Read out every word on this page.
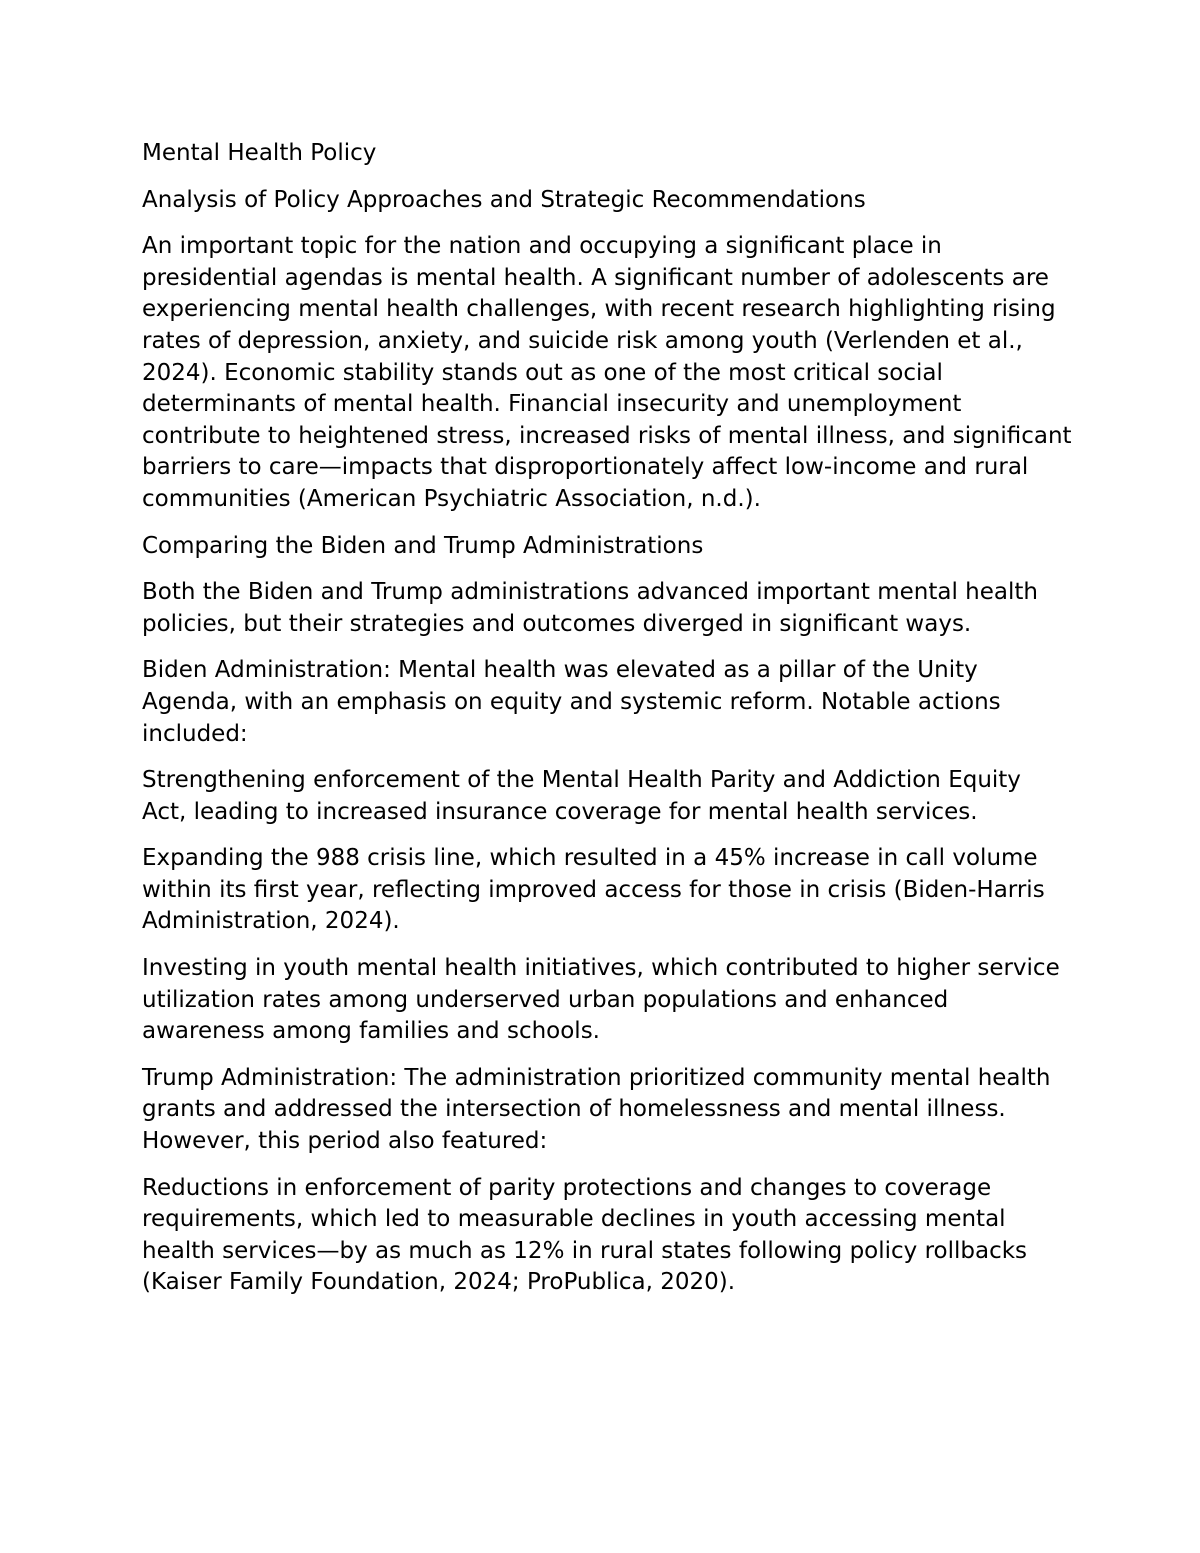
Mental Health Policy

Analysis of Policy Approaches and Strategic Recommendations

An important topic for the nation and occupying a significant place in presidential agendas is mental health. A significant number of adolescents are experiencing mental health challenges, with recent research highlighting rising rates of depression, anxiety, and suicide risk among youth (Verlenden et al., 2024). Economic stability stands out as one of the most critical social determinants of mental health. Financial insecurity and unemployment contribute to heightened stress, increased risks of mental illness, and significant barriers to care—impacts that disproportionately affect low-income and rural communities (American Psychiatric Association, n.d.).

Comparing the Biden and Trump Administrations

Both the Biden and Trump administrations advanced important mental health policies, but their strategies and outcomes diverged in significant ways.

Biden Administration: Mental health was elevated as a pillar of the Unity Agenda, with an emphasis on equity and systemic reform. Notable actions included:

Strengthening enforcement of the Mental Health Parity and Addiction Equity Act, leading to increased insurance coverage for mental health services.

Expanding the 988 crisis line, which resulted in a 45% increase in call volume within its first year, reflecting improved access for those in crisis (Biden-Harris Administration, 2024).

Investing in youth mental health initiatives, which contributed to higher service utilization rates among underserved urban populations and enhanced awareness among families and schools.

Trump Administration: The administration prioritized community mental health grants and addressed the intersection of homelessness and mental illness. However, this period also featured:

Reductions in enforcement of parity protections and changes to coverage requirements, which led to measurable declines in youth accessing mental health services—by as much as 12% in rural states following policy rollbacks (Kaiser Family Foundation, 2024; ProPublica, 2020).
